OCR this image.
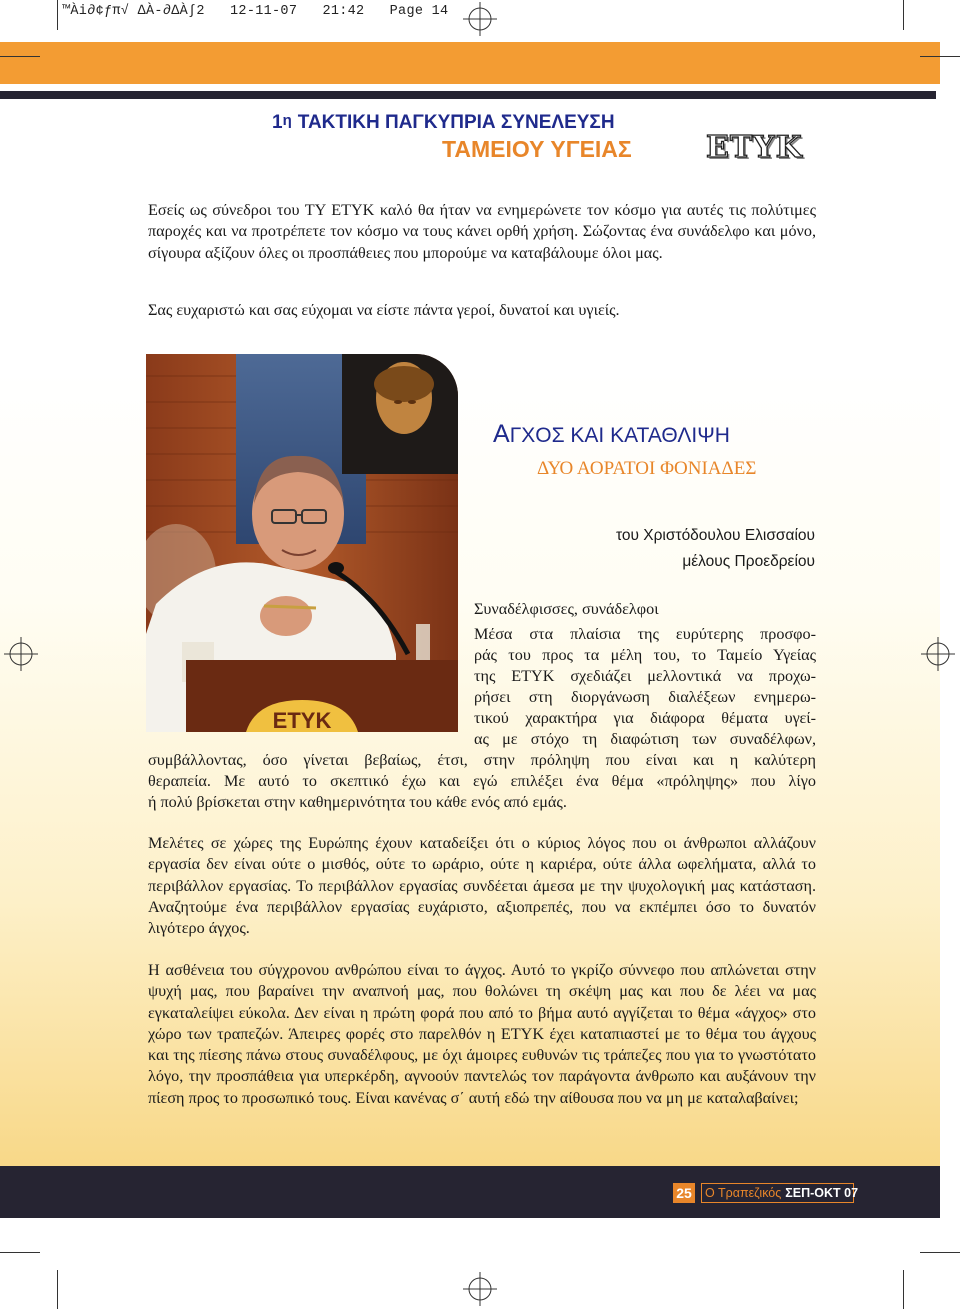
™Ài∂¢ƒπ√ ∆À-∂∆À∫2   12-11-07   21:42   Page 14
$1^\eta$ ΤΑΚΤΙΚΗ ΠΑΓΚΥΠΡΙΑ ΣΥΝΕΛΕΥΣΗ
ΤΑΜΕΙΟΥ ΥΓΕΙΑΣ ΕΤΥΚ

Εσείς ως σύνεδροι του ΤΥ ΕΤΥΚ καλό θα ήταν να ενημερώνετε τον κόσμο για αυτές τις πολύτιμες παροχές και να προτρέπετε τον κόσμο να τους κάνει ορθή χρήση. Σώζοντας ένα συνάδελφο και μόνο, σίγουρα αξίζουν όλες οι προσπάθειες που μπορούμε να καταβάλουμε όλοι μας.

Σας ευχαριστώ και σας εύχομαι να είστε πάντα γεροί, δυνατοί και υγιείς.

ΕΤΥΚ
ΑΓΧΟΣ ΚΑΙ ΚΑΤΑΘΛΙΨΗ
ΔΥΟ ΑΟΡΑΤΟΙ ΦΟΝΙΑΔΕΣ
του Χριστόδουλου Ελισσαίου
μέλους Προεδρείου
Συναδέλφισσες, συνάδελφοι
Μέσα στα πλαίσια της ευρύτερης προσφο-
ράς του προς τα μέλη του, το Ταμείο Υγείας
της ΕΤΥΚ σχεδιάζει μελλοντικά να προχω-
ρήσει στη διοργάνωση διαλέξεων ενημερω-
τικού χαρακτήρα για διάφορα θέματα υγεί-
ας με στόχο τη διαφώτιση των συναδέλφων,
συμβάλλοντας, όσο γίνεται βεβαίως, έτσι, στην πρόληψη που είναι και η καλύτερη
θεραπεία. Με αυτό το σκεπτικό έχω και εγώ επιλέξει ένα θέμα «πρόληψης» που λίγο
ή πολύ βρίσκεται στην καθημερινότητα του κάθε ενός από εμάς.

Μελέτες σε χώρες της Ευρώπης έχουν καταδείξει ότι ο κύριος λόγος που οι άνθρωποι αλλάζουν εργασία δεν είναι ούτε ο μισθός, ούτε το ωράριο, ούτε η καριέρα, ούτε άλλα ωφελήματα, αλλά το περιβάλλον εργασίας. Το περιβάλλον εργασίας συνδέεται άμεσα με την ψυχολογική μας κατάσταση. Αναζητούμε ένα περιβάλλον εργασίας ευχάριστο, αξιοπρεπές, που να εκπέμπει όσο το δυνατόν λιγότερο άγχος.

Η ασθένεια του σύγχρονου ανθρώπου είναι το άγχος. Αυτό το γκρίζο σύννεφο που απλώνεται στην ψυχή μας, που βαραίνει την αναπνοή μας, που θολώνει τη σκέψη μας και που δε λέει να μας εγκαταλείψει εύκολα. Δεν είναι η πρώτη φορά που από το βήμα αυτό αγγίζεται το θέμα «άγχος» στο χώρο των τραπεζών. Άπειρες φορές στο παρελθόν η ΕΤΥΚ έχει καταπιαστεί με το θέμα του άγχους και της πίεσης πάνω στους συναδέλφους, με όχι άμοιρες ευθυνών τις τράπεζες που για το γνωστότατο λόγο, την προσπάθεια για υπερκέρδη, αγνοούν παντελώς τον παράγοντα άνθρωπο και αυξάνουν την πίεση προς το προσωπικό τους. Είναι κανένας σ΄ αυτή εδώ την αίθουσα που να μη με καταλαβαίνει;

25	Ο Τραπεζικός ΣΕΠ-ΟΚΤ 07
